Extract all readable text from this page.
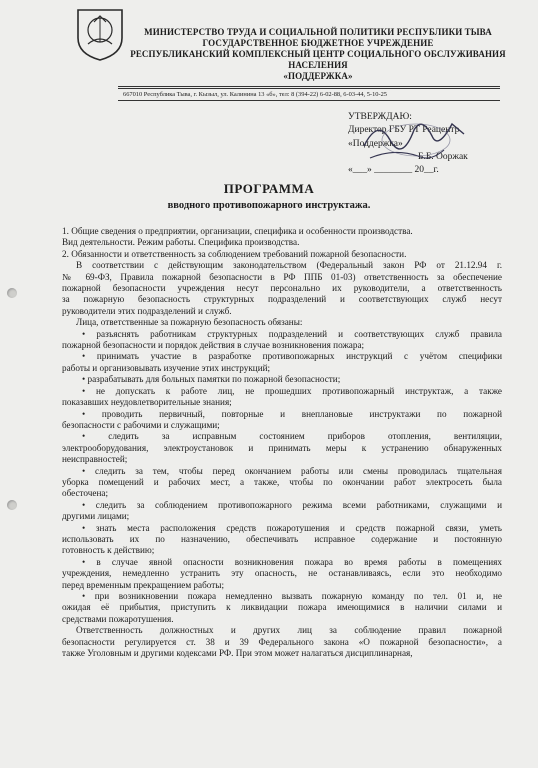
МИНИСТЕРСТВО ТРУДА И СОЦИАЛЬНОЙ ПОЛИТИКИ РЕСПУБЛИКИ ТЫВА
ГОСУДАРСТВЕННОЕ БЮДЖЕТНОЕ УЧРЕЖДЕНИЕ
РЕСПУБЛИКАНСКИЙ КОМПЛЕКСНЫЙ ЦЕНТР СОЦИАЛЬНОГО ОБСЛУЖИВАНИЯ НАСЕЛЕНИЯ
«ПОДДЕРЖКА»
667010 Республика Тыва, г. Кызыл, ул. Калинина 13 «б», тел: 8 (394-22) 6-02-88, 6-03-44, 5-10-25
УТВЕРЖДАЮ:
Директор ГБУ РТ Реацентр
«Поддержка»
Б.Б. Ооржак
«___» ________ 20__г.
ПРОГРАММА
вводного противопожарного инструктажа.

1. Общие сведения о предприятии, организации, специфика и особенности производства.

Вид деятельности. Режим работы. Специфика производства.

2. Обязанности и ответственность за соблюдением требований пожарной безопасности.

В соответствии с действующим законодательством (Федеральный закон РФ от 21.12.94 г.

№ 69-ФЗ, Правила пожарной безопасности в РФ ППБ 01-03) ответственность за обеспечение

пожарной безопасности учреждения несут персонально их руководители, а ответственность

за пожарную безопасность структурных подразделений и соответствующих служб несут

руководители этих подразделений и служб.

Лица, ответственные за пожарную безопасность обязаны:

• разъяснять работникам структурных подразделений и соответствующих служб правила

пожарной безопасности и порядок действия в случае возникновения пожара;

• принимать участие в разработке противопожарных инструкций с учётом специфики

работы и организовывать изучение этих инструкций;

• разрабатывать для больных памятки по пожарной безопасности;

• не допускать к работе лиц, не прошедших противопожарный инструктаж, а также

показавших неудовлетворительные знания;

• проводить первичный, повторные и внеплановые инструктажи по пожарной

безопасности с рабочими и служащими;

• следить за исправным состоянием приборов отопления, вентиляции,

электрооборудования, электроустановок и принимать меры к устранению обнаруженных

неисправностей;

• следить за тем, чтобы перед окончанием работы или смены проводилась тщательная

уборка помещений и рабочих мест, а также, чтобы по окончании работ электросеть была

обесточена;

• следить за соблюдением противопожарного режима всеми работниками, служащими и

другими лицами;

• знать места расположения средств пожаротушения и средств пожарной связи, уметь

использовать их по назначению, обеспечивать исправное содержание и постоянную

готовность к действию;

• в случае явной опасности возникновения пожара во время работы в помещениях

учреждения, немедленно устранить эту опасность, не останавливаясь, если это необходимо

перед временным прекращением работы;

• при возникновении пожара немедленно вызвать пожарную команду по тел. 01 и, не

ожидая её прибытия, приступить к ликвидации пожара имеющимися в наличии силами и

средствами пожаротушения.

Ответственность должностных и других лиц за соблюдение правил пожарной

безопасности регулируется ст. 38 и 39 Федерального закона «О пожарной безопасности», а

также Уголовным и другими кодексами РФ. При этом может налагаться дисциплинарная,
